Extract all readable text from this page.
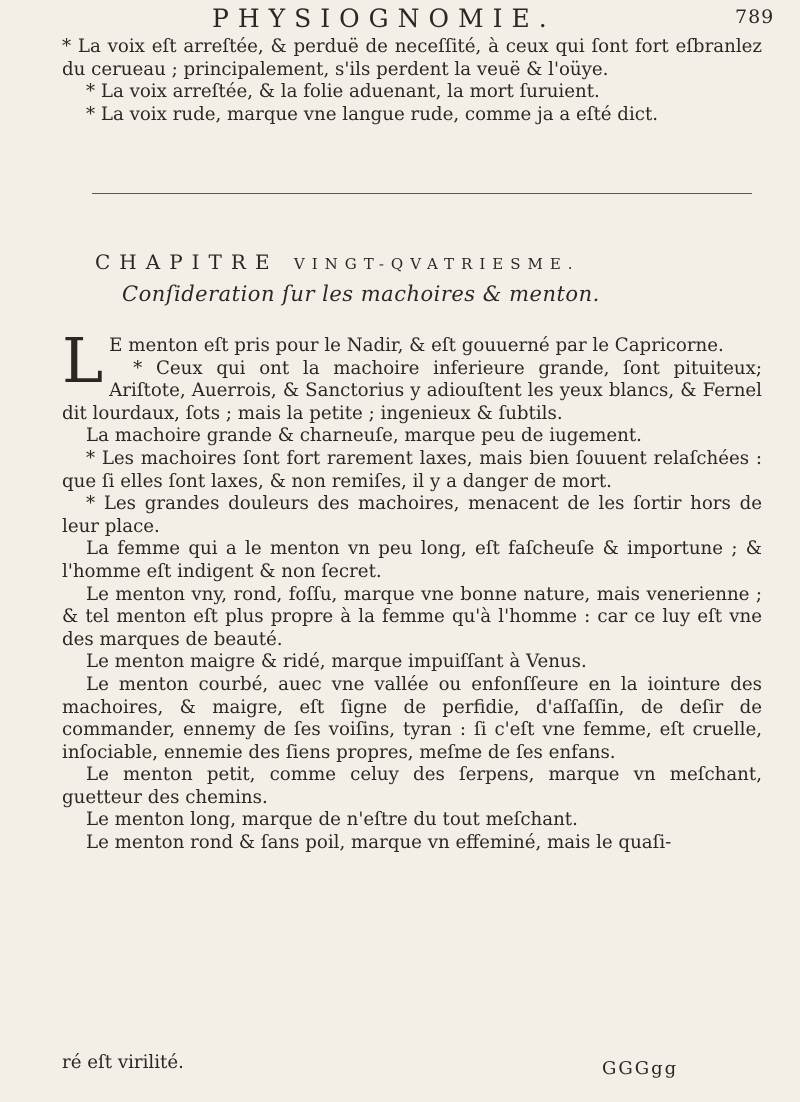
PHYSIOGNOMIE.	789

* La voix eſt arreſtée, & perduë de neceſſité, à ceux qui ſont fort eſbranlez du cerueau ; principalement, s'ils perdent la veuë & l'oüye.

* La voix arreſtée, & la folie aduenant, la mort ſuruient.

* La voix rude, marque vne langue rude, comme ja a eſté dict.

CHAPITRE VINGT-QVATRIESME.
Conſideration ſur les machoires & menton.

L E menton eſt pris pour le Nadir, & eſt gouuerné par le Capricorne.

* Ceux qui ont la machoire inferieure grande, ſont pituiteux; Ariſtote, Auerrois, & Sanctorius y adiouſtent les yeux blancs, & Fernel dit lourdaux, ſots ; mais la petite ; ingenieux & ſubtils.

La machoire grande & charneuſe, marque peu de iugement.

* Les machoires ſont fort rarement laxes, mais bien ſouuent relaſchées : que ſi elles ſont laxes, & non remiſes, il y a danger de mort.

* Les grandes douleurs des machoires, menacent de les ſortir hors de leur place.

La femme qui a le menton vn peu long, eſt faſcheuſe & importune ; & l'homme eſt indigent & non ſecret.

Le menton vny, rond, foſſu, marque vne bonne nature, mais venerienne ; & tel menton eſt plus propre à la femme qu'à l'homme : car ce luy eſt vne des marques de beauté.

Le menton maigre & ridé, marque impuiſſant à Venus.

Le menton courbé, auec vne vallée ou enfonſſeure en la iointure des machoires, & maigre, eſt ſigne de perfidie, d'aſſaſſin, de deſir de commander, ennemy de ſes voiſins, tyran : ſi c'eſt vne femme, eſt cruelle, inſociable, ennemie des ſiens propres, meſme de ſes enfans.

Le menton petit, comme celuy des ſerpens, marque vn meſchant, guetteur des chemins.

Le menton long, marque de n'eſtre du tout meſchant.

Le menton rond & ſans poil, marque vn effeminé, mais le quaſi-

ré eſt virilité.	GGGgg
